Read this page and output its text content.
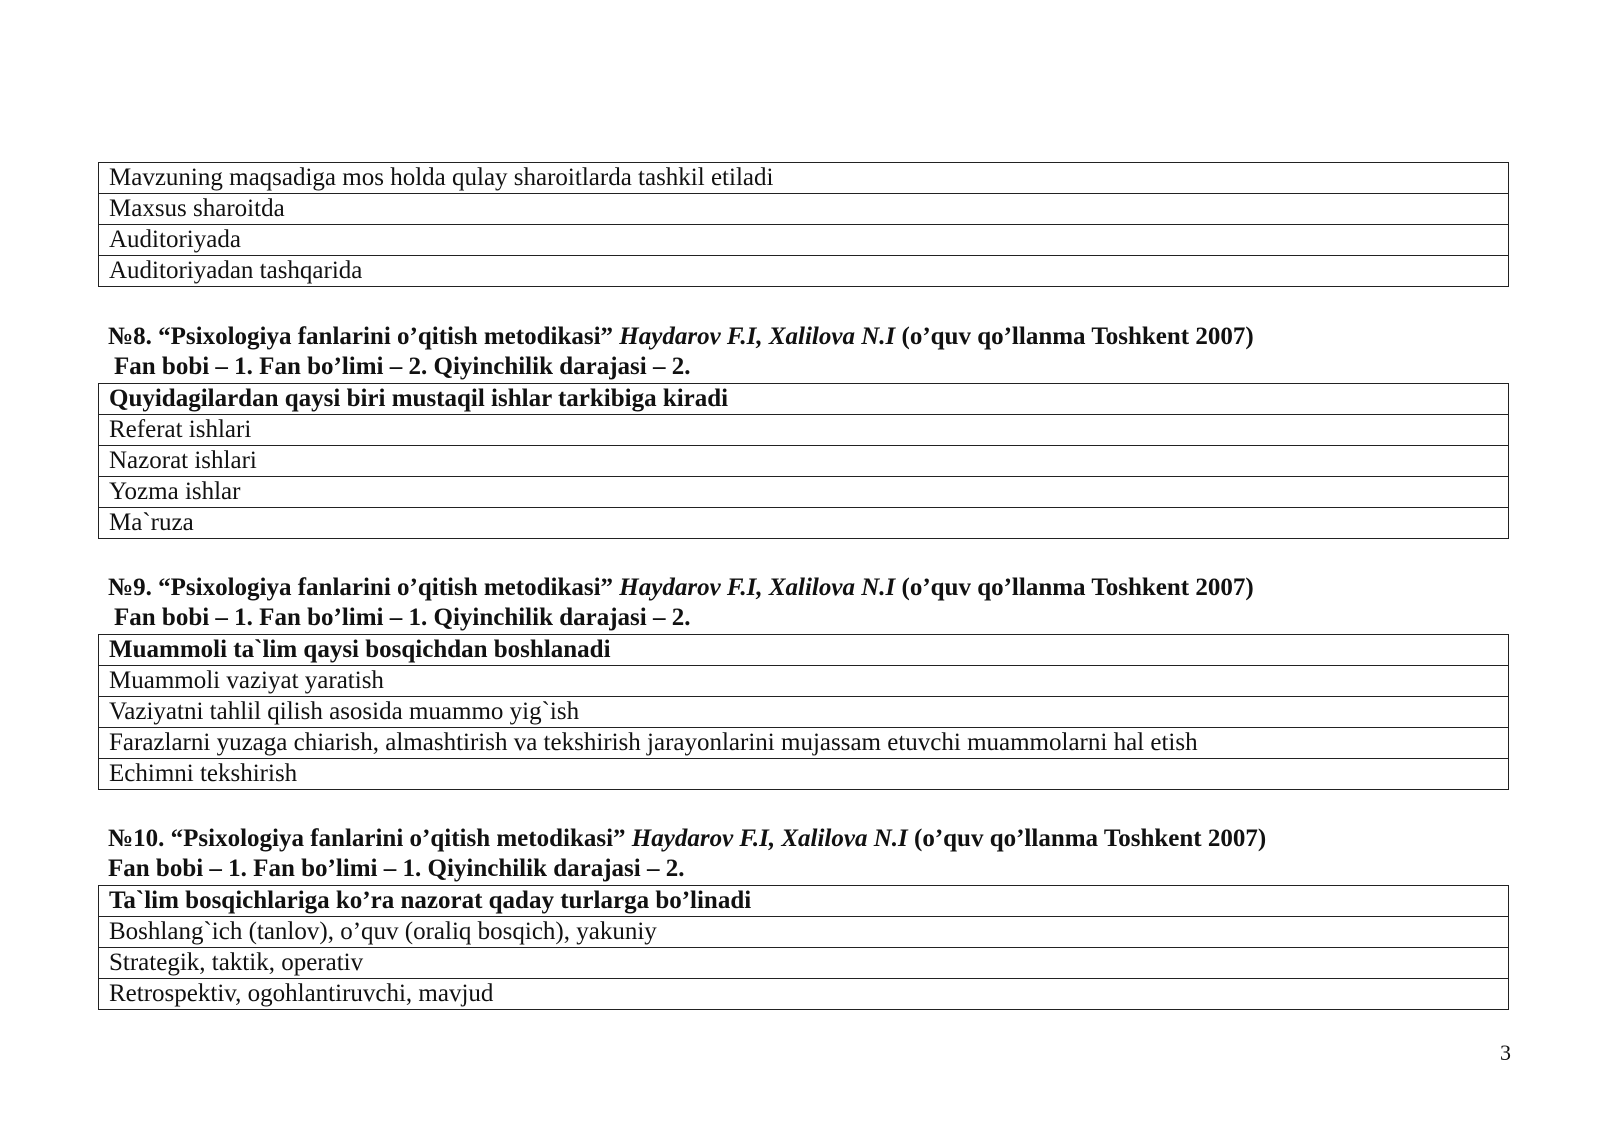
Mavzuning maqsadiga mos holda qulay sharoitlarda tashkil etiladi
Maxsus sharoitda
Auditoriyada
Auditoriyadan tashqarida
№8. “Psixologiya fanlarini o’qitish metodikasi” Haydarov F.I, Xalilova N.I (o’quv qo’llanma Toshkent 2007)
Fan bobi – 1. Fan bo’limi – 2. Qiyinchilik darajasi – 2.
Quyidagilardan qaysi biri mustaqil ishlar tarkibiga kiradi
Referat ishlari
Nazorat ishlari
Yozma ishlar
Ma`ruza
№9. “Psixologiya fanlarini o’qitish metodikasi” Haydarov F.I, Xalilova N.I (o’quv qo’llanma Toshkent 2007)
Fan bobi – 1. Fan bo’limi – 1. Qiyinchilik darajasi – 2.
Muammoli ta`lim qaysi bosqichdan boshlanadi
Muammoli vaziyat yaratish
Vaziyatni tahlil qilish asosida muammo yig`ish
Farazlarni yuzaga chiarish, almashtirish va tekshirish jarayonlarini mujassam etuvchi muammolarni hal etish
Echimni tekshirish
№10. “Psixologiya fanlarini o’qitish metodikasi” Haydarov F.I, Xalilova N.I (o’quv qo’llanma Toshkent 2007)
Fan bobi – 1. Fan bo’limi – 1. Qiyinchilik darajasi – 2.
Ta`lim bosqichlariga ko’ra nazorat qaday turlarga bo’linadi
Boshlang`ich (tanlov), o’quv (oraliq bosqich), yakuniy
Strategik, taktik, operativ
Retrospektiv, ogohlantiruvchi, mavjud
3
